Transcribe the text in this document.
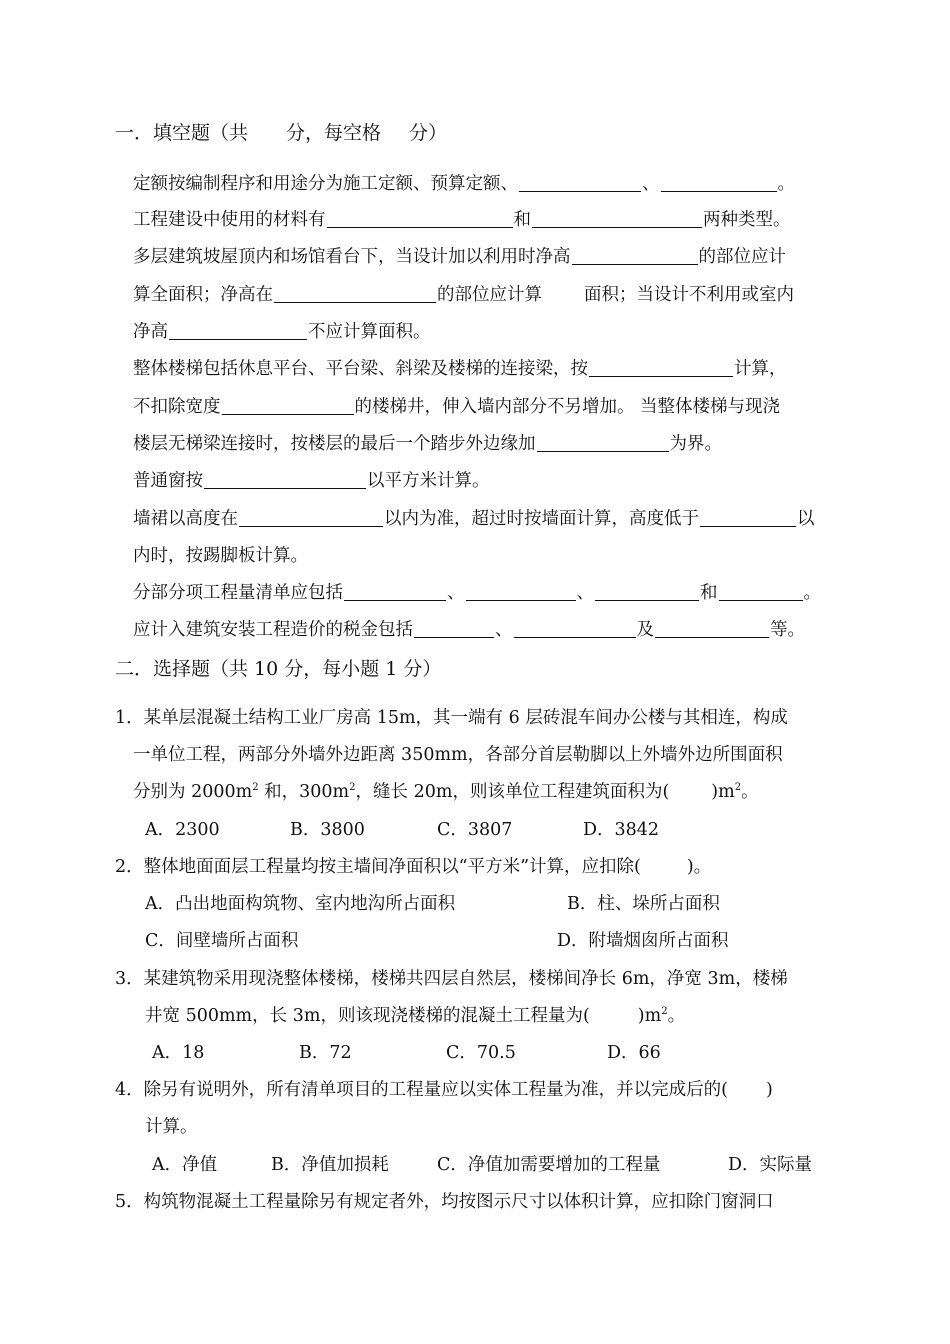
一．填空题（共 分，每空格 分）
定额按编制程序和用途分为施工定额、预算定额、	、	。
工程建设中使用的材料有	和	两种类型。
多层建筑坡屋顶内和场馆看台下，当设计加以利用时净高	的部位应计
算全面积；净高在	的部位应计算 面积；当设计不利用或室内
净高	不应计算面积。
整体楼梯包括休息平台、平台梁、斜梁及楼梯的连接梁，按	计算，
不扣除宽度	的楼梯井，伸入墙内部分不另增加。 当整体楼梯与现浇
楼层无梯梁连接时，按楼层的最后一个踏步外边缘加	为界。
普通窗按	以平方米计算。
墙裙以高度在	以内为准，超过时按墙面计算，高度低于	以
内时，按踢脚板计算。
分部分项工程量清单应包括	、	、	和	。
应计入建筑安装工程造价的税金包括	、	及	等。
二．选择题（共 10 分，每小题 1 分）
1．某单层混凝土结构工业厂房高 15m，其一端有 6 层砖混车间办公楼与其相连，构成
一单位工程，两部分外墙外边距离 350mm，各部分首层勒脚以上外墙外边所围面积
分别为 $2000m^2$ 和，$300m^2$，缝长 20m，则该单位工程建筑面积为( )$m^2$。
A．2300	B．3800	C．3807	D．3842
2．整体地面面层工程量均按主墙间净面积以“平方米”计算，应扣除(	)。
A．凸出地面构筑物、室内地沟所占面积	B．柱、垛所占面积
C．间壁墙所占面积	D．附墙烟囱所占面积
3．某建筑物采用现浇整体楼梯，楼梯共四层自然层，楼梯间净长 6m，净宽 3m，楼梯
井宽 500mm，长 3m，则该现浇楼梯的混凝土工程量为(	)$m^2$。
A．18	B．72	C．70.5	D．66
4．除另有说明外，所有清单项目的工程量应以实体工程量为准，并以完成后的( )
计算。
A．净值	B．净值加损耗	C．净值加需要增加的工程量	D．实际量
5．构筑物混凝土工程量除另有规定者外，均按图示尺寸以体积计算，应扣除门窗洞口
